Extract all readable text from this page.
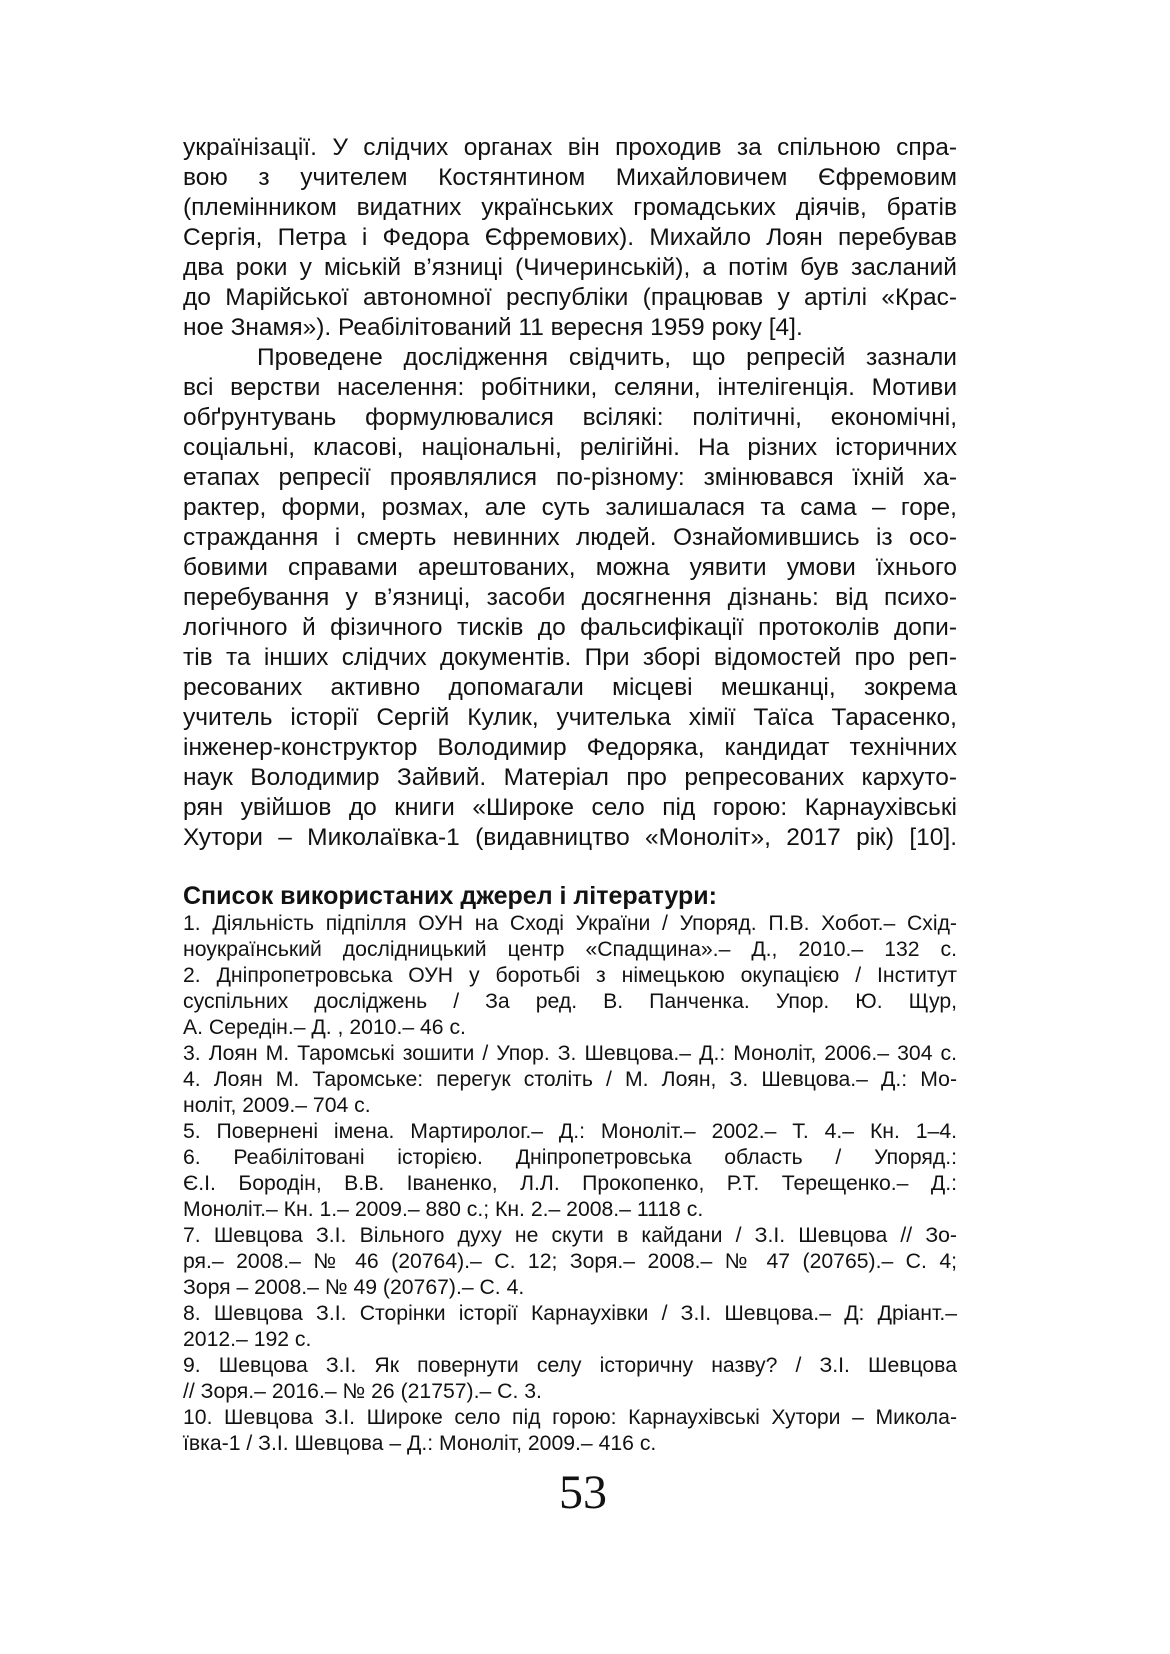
українізації. У слідчих органах він проходив за спільною спра-
вою з учителем Костянтином Михайловичем Єфремовим
(племінником видатних українських громадських діячів, братів
Сергія, Петра і Федора Єфремових). Михайло Лоян перебував
два роки у міській в’язниці (Чичеринській), а потім був засланий
до Марійської автономної республіки (працював у артілі «Крас-
ное Знамя»). Реабілітований 11 вересня 1959 року [4].
Проведене дослідження свідчить, що репресій зазнали
всі верстви населення: робітники, селяни, інтелігенція. Мотиви
обґрунтувань формулювалися всілякі: політичні, економічні,
соціальні, класові, національні, релігійні. На різних історичних
етапах репресії проявлялися по-різному: змінювався їхній ха-
рактер, форми, розмах, але суть залишалася та сама – горе,
страждання і смерть невинних людей. Ознайомившись із осо-
бовими справами арештованих, можна уявити умови їхнього
перебування у в’язниці, засоби досягнення дізнань: від психо-
логічного й фізичного тисків до фальсифікації протоколів допи-
тів та інших слідчих документів. При зборі відомостей про реп-
ресованих активно допомагали місцеві мешканці, зокрема
учитель історії Сергій Кулик, учителька хімії Таїса Тарасенко,
інженер-конструктор Володимир Федоряка, кандидат технічних
наук Володимир Зайвий. Матеріал про репресованих кархуто-
рян увійшов до книги «Широке село під горою: Карнаухівські
Хутори – Миколаївка-1 (видавництво «Моноліт», 2017 рік) [10].
Список використаних джерел і літератури:
1. Діяльність підпілля ОУН на Сході України / Упоряд. П.В. Хобот.– Схід-
ноукраїнський дослідницький центр «Спадщина».– Д., 2010.– 132 с.
2. Дніпропетровська ОУН у боротьбі з німецькою окупацією / Інститут
суспільних досліджень / За ред. В. Панченка. Упор. Ю. Щур,
А. Середін.– Д. , 2010.– 46 с.
3. Лоян М. Таромські зошити / Упор. З. Шевцова.– Д.: Моноліт, 2006.– 304 с.
4. Лоян М. Таромське: перегук століть / М. Лоян, З. Шевцова.– Д.: Мо-
ноліт, 2009.– 704 с.
5. Повернені імена. Мартиролог.– Д.: Моноліт.– 2002.– Т. 4.– Кн. 1–4.
6. Реабілітовані історією. Дніпропетровська область / Упоряд.:
Є.І. Бородін, В.В. Іваненко, Л.Л. Прокопенко, Р.Т. Терещенко.– Д.:
Моноліт.– Кн. 1.– 2009.– 880 с.; Кн. 2.– 2008.– 1118 с.
7. Шевцова З.І. Вільного духу не скути в кайдани / З.І. Шевцова // Зо-
ря.– 2008.– № 46 (20764).– С. 12; Зоря.– 2008.– № 47 (20765).– С. 4;
Зоря – 2008.– № 49 (20767).– С. 4.
8. Шевцова З.І. Сторінки історії Карнаухівки / З.І. Шевцова.– Д: Дріант.–
2012.– 192 с.
9. Шевцова З.І. Як повернути селу історичну назву? / З.І. Шевцова
// Зоря.– 2016.– № 26 (21757).– С. 3.
10. Шевцова З.І. Широке село під горою: Карнаухівські Хутори – Микола-
ївка-1 / З.І. Шевцова – Д.: Моноліт, 2009.– 416 с.
53
